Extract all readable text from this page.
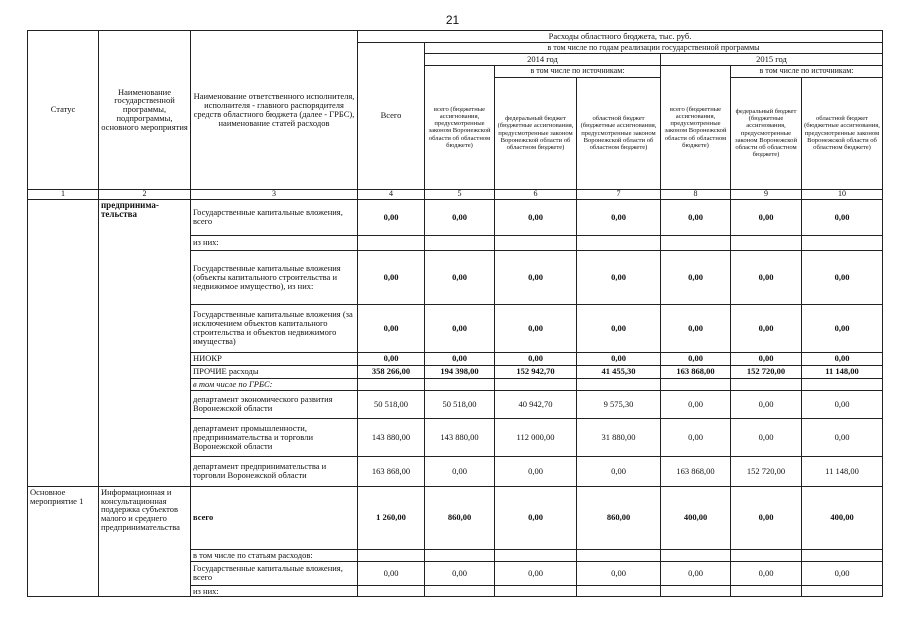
21
Статус	Наименование государственной программы, подпрограммы, основного мероприятия	Наименование ответственного исполнителя, исполнителя - главного распорядителя средств областного бюджета (далее - ГРБС), наименование статей расходов	Расходы областного бюджета, тыс. руб.						
			Всего	в том числе по годам реализации государственной программы					
				2014 год			2015 год		
				всего (бюджетные ассигнования, предусмотренные законом Воронежской области об областном бюджете)	в том числе по источникам:		всего (бюджетные ассигнования, предусмотренные законом Воронежской области об областном бюджете)	в том числе по источникам:	
					федеральный бюджет (бюджетные ассигнования, предусмотренные законом Воронежской области об областном бюджете)	областной бюджет (бюджетные ассигнования, предусмотренные законом Воронежской области об областном бюджете)		федеральный бюджет (бюджетные ассигнования, предусмотренные законом Воронежской области об областном бюджете)	областной бюджет (бюджетные ассигнования, предусмотренные законом Воронежской области об областном бюджете)
1	2	3	4	5	6	7	8	9	10
	предпринима-тельства	Государственные капитальные вложения, всего	0,00	0,00	0,00	0,00	0,00	0,00	0,00
		из них:							
		Государственные капитальные вложения (объекты капитального строительства и недвижимое имущество), из них:	0,00	0,00	0,00	0,00	0,00	0,00	0,00
		Государственные капитальные вложения (за исключением объектов капитального строительства и объектов недвижимого имущества)	0,00	0,00	0,00	0,00	0,00	0,00	0,00
		НИОКР	0,00	0,00	0,00	0,00	0,00	0,00	0,00
		ПРОЧИЕ расходы	358 266,00	194 398,00	152 942,70	41 455,30	163 868,00	152 720,00	11 148,00
		в том числе по ГРБС:							
		департамент экономического развития Воронежской области	50 518,00	50 518,00	40 942,70	9 575,30	0,00	0,00	0,00
		департамент промышленности, предпринимательства и торговли Воронежской области	143 880,00	143 880,00	112 000,00	31 880,00	0,00	0,00	0,00
		департамент предпринимательства и торговли Воронежской области	163 868,00	0,00	0,00	0,00	163 868,00	152 720,00	11 148,00
Основное мероприятие 1	Информационная и консультационная поддержка субъектов малого и среднего предпринимательства	всего	1 260,00	860,00	0,00	860,00	400,00	0,00	400,00
		в том числе по статьям расходов:							
		Государственные капитальные вложения, всего	0,00	0,00	0,00	0,00	0,00	0,00	0,00
		из них:							
